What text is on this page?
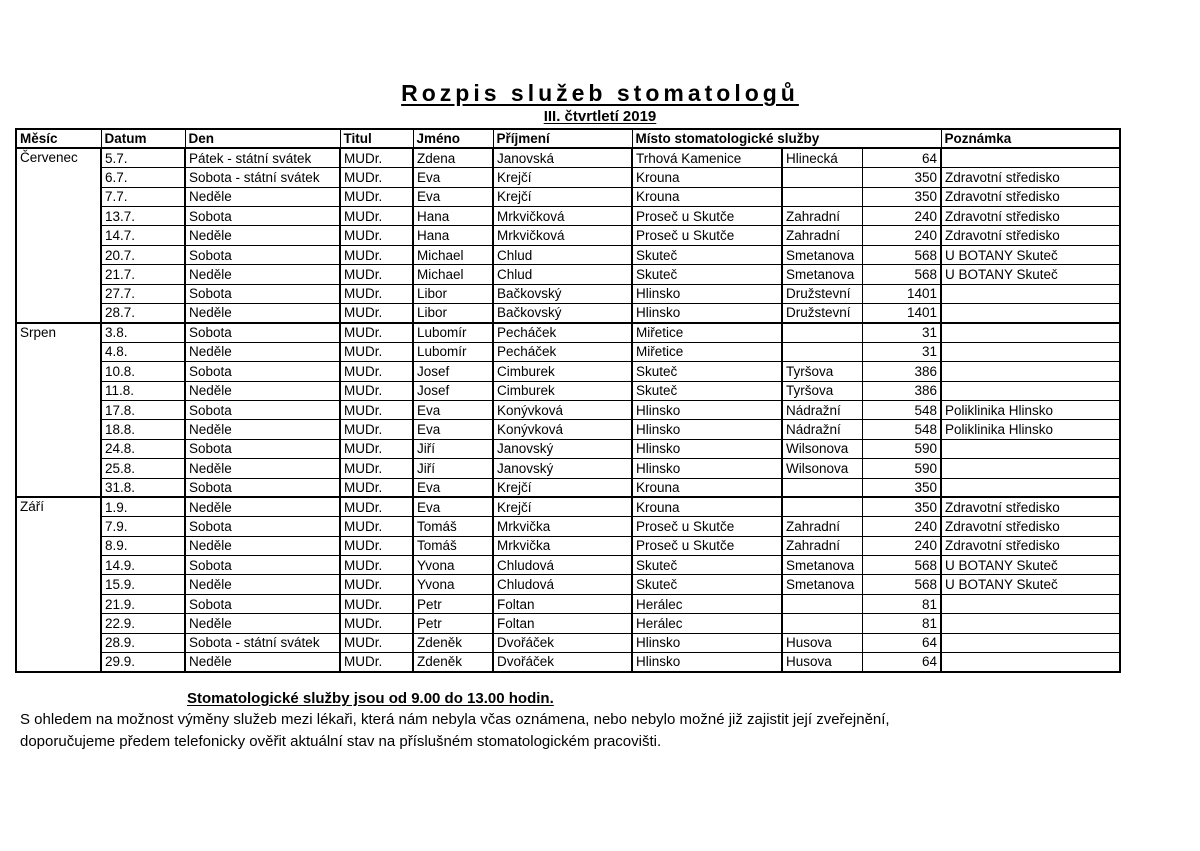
Rozpis služeb stomatologů
III. čtvrtletí 2019
Měsíc	Datum	Den	Titul	Jméno	Příjmení	Místo stomatologické služby			Poznámka
Červenec	5.7.	Pátek - státní svátek	MUDr.	Zdena	Janovská	Trhová Kamenice	Hlinecká	64	
	6.7.	Sobota - státní svátek	MUDr.	Eva	Krejčí	Krouna		350	Zdravotní středisko
	7.7.	Neděle	MUDr.	Eva	Krejčí	Krouna		350	Zdravotní středisko
	13.7.	Sobota	MUDr.	Hana	Mrkvičková	Proseč u Skutče	Zahradní	240	Zdravotní středisko
	14.7.	Neděle	MUDr.	Hana	Mrkvičková	Proseč u Skutče	Zahradní	240	Zdravotní středisko
	20.7.	Sobota	MUDr.	Michael	Chlud	Skuteč	Smetanova	568	U BOTANY Skuteč
	21.7.	Neděle	MUDr.	Michael	Chlud	Skuteč	Smetanova	568	U BOTANY Skuteč
	27.7.	Sobota	MUDr.	Libor	Bačkovský	Hlinsko	Družstevní	1401	
	28.7.	Neděle	MUDr.	Libor	Bačkovský	Hlinsko	Družstevní	1401	
Srpen	3.8.	Sobota	MUDr.	Lubomír	Pecháček	Miřetice		31	
	4.8.	Neděle	MUDr.	Lubomír	Pecháček	Miřetice		31	
	10.8.	Sobota	MUDr.	Josef	Cimburek	Skuteč	Tyršova	386	
	11.8.	Neděle	MUDr.	Josef	Cimburek	Skuteč	Tyršova	386	
	17.8.	Sobota	MUDr.	Eva	Konývková	Hlinsko	Nádražní	548	Poliklinika Hlinsko
	18.8.	Neděle	MUDr.	Eva	Konývková	Hlinsko	Nádražní	548	Poliklinika Hlinsko
	24.8.	Sobota	MUDr.	Jiří	Janovský	Hlinsko	Wilsonova	590	
	25.8.	Neděle	MUDr.	Jiří	Janovský	Hlinsko	Wilsonova	590	
	31.8.	Sobota	MUDr.	Eva	Krejčí	Krouna		350	
Září	1.9.	Neděle	MUDr.	Eva	Krejčí	Krouna		350	Zdravotní středisko
	7.9.	Sobota	MUDr.	Tomáš	Mrkvička	Proseč u Skutče	Zahradní	240	Zdravotní středisko
	8.9.	Neděle	MUDr.	Tomáš	Mrkvička	Proseč u Skutče	Zahradní	240	Zdravotní středisko
	14.9.	Sobota	MUDr.	Yvona	Chludová	Skuteč	Smetanova	568	U BOTANY Skuteč
	15.9.	Neděle	MUDr.	Yvona	Chludová	Skuteč	Smetanova	568	U BOTANY Skuteč
	21.9.	Sobota	MUDr.	Petr	Foltan	Herálec		81	
	22.9.	Neděle	MUDr.	Petr	Foltan	Herálec		81	
	28.9.	Sobota - státní svátek	MUDr.	Zdeněk	Dvořáček	Hlinsko	Husova	64	
	29.9.	Neděle	MUDr.	Zdeněk	Dvořáček	Hlinsko	Husova	64	
Stomatologické služby jsou od 9.00 do 13.00 hodin.
S ohledem na možnost výměny služeb mezi lékaři, která nám nebyla včas oznámena, nebo nebylo možné již zajistit její zveřejnění,
doporučujeme předem telefonicky ověřit aktuální stav na příslušném stomatologickém pracovišti.
